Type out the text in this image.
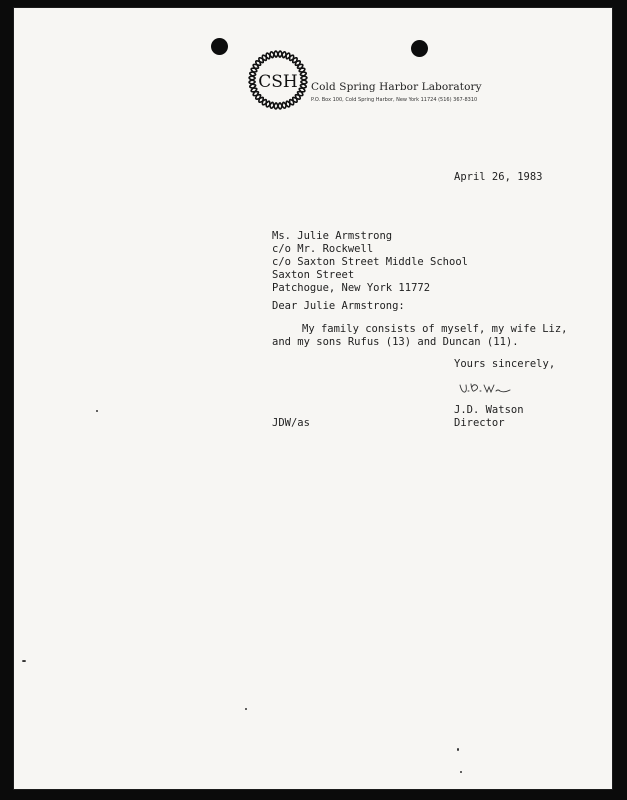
CSH Cold Spring Harbor Laboratory
P.O. Box 100, Cold Spring Harbor, New York 11724 (516) 367-8310
April 26, 1983
Ms. Julie Armstrong
c/o Mr. Rockwell
c/o Saxton Street Middle School
Saxton Street
Patchogue, New York 11772
Dear Julie Armstrong:
My family consists of myself, my wife Liz,
and my sons Rufus (13) and Duncan (11).
Yours sincerely,
J.D. Watson
Director
JDW/as
